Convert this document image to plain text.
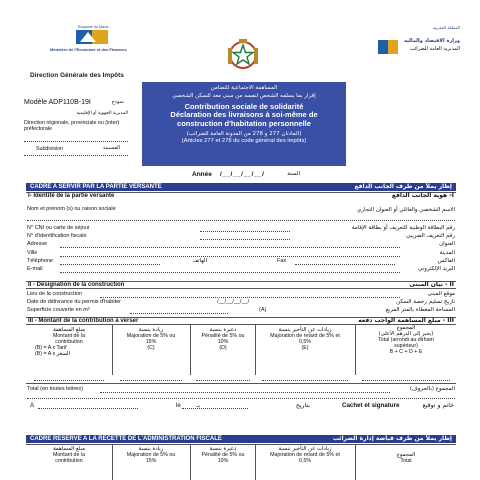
Royaume du Maroc
Ministère de l'Économie et des Finances
Direction Générale des Impôts
المملكة المغربية
وزارة الاقتصاد والمالية
المديرية العامة للضرائب
المساهمة الاجتماعية للتضامن
إقرار بما يسلمه الشخص لنفسه من مبنى معد للسكن الشخصي
Contribution sociale de solidarité
Déclaration des livraisons à soi-même de
construction d'habitation personnelle
(المادتان 277 و 278 من المدونة العامة للضرائب)
(Articles 277 et 278 du code général des impôts)
Modèle ADP110B-19I	نموذج
المديرية الجهوية أو الإقليمية
Direction régionale, provinciale ou (inter) préfectorale
Subdivision	القسيمة
Année /__/__/__/__/	السنة
CADRE A SERVIR PAR LA PARTIE VERSANTE	إطار يملأ من طرف الجانب الدافع
I- Identité de la partie versante	I- هوية الجانب الدافع
Nom et prénom (s) ou raison sociale	الاسم الشخصي والعائلي أو العنوان التجاري
N° CNI ou carte de séjour	رقم البطاقة الوطنية للتعريف أو بطاقة الإقامة
N° d'identification fiscale	رقم التعريف الضريبي
Adresse	العنوان
Ville	المدينة
Téléphone	الهاتف	Fax	الفاكس
E-mail	البريد الإلكتروني
II - Désignation de la construction	II - بيان المبنى
Lieu de la construction	موقع المبنى
Date de délivrance du permis d'habiter	/__/__/__/__/	تاريخ تسليم رخصة السكن
Superficie couverte en m²	(A)	المساحة المغطاة بالمتر المربع
III - Montant de la contribution à verser	III - مبلغ المساهمة الواجب دفعه
مبلغ المساهمة
Montant de la contribution
(B) = A x Tarif
(B) = A x السعر
زيادة بنسبة
Majoration de 5% ou 15%
(C)
ذعيرة بنسبة
Pénalité de 5% ou 10%
(D)
زيادات عن التأخير بنسبة
Majoration de retard de 5% et 0,5%
(E)
المجموع
(يجبر إلى الدرهم الأعلى)
Total (arrondi au dirham supérieur)
B + C + D + E
Total (en toutes lettres)	المجموع (بالحروف)
A	بـ
le	بتاريخ	Cachet et signature	خاتم و توقيع
CADRE RESERVE A LA RECETTE DE L'ADMINISTRATION FISCALE	إطار يملأ من طرف قباضة إدارة الضرائب
مبلغ المساهمة
Montant de la contribution
زيادة بنسبة
Majoration de 5% ou 15%
ذعيرة بنسبة
Pénalité de 5% ou 10%
زيادات عن التأخير بنسبة
Majoration de retard de 5% et 0,5%
المجموع
Total
